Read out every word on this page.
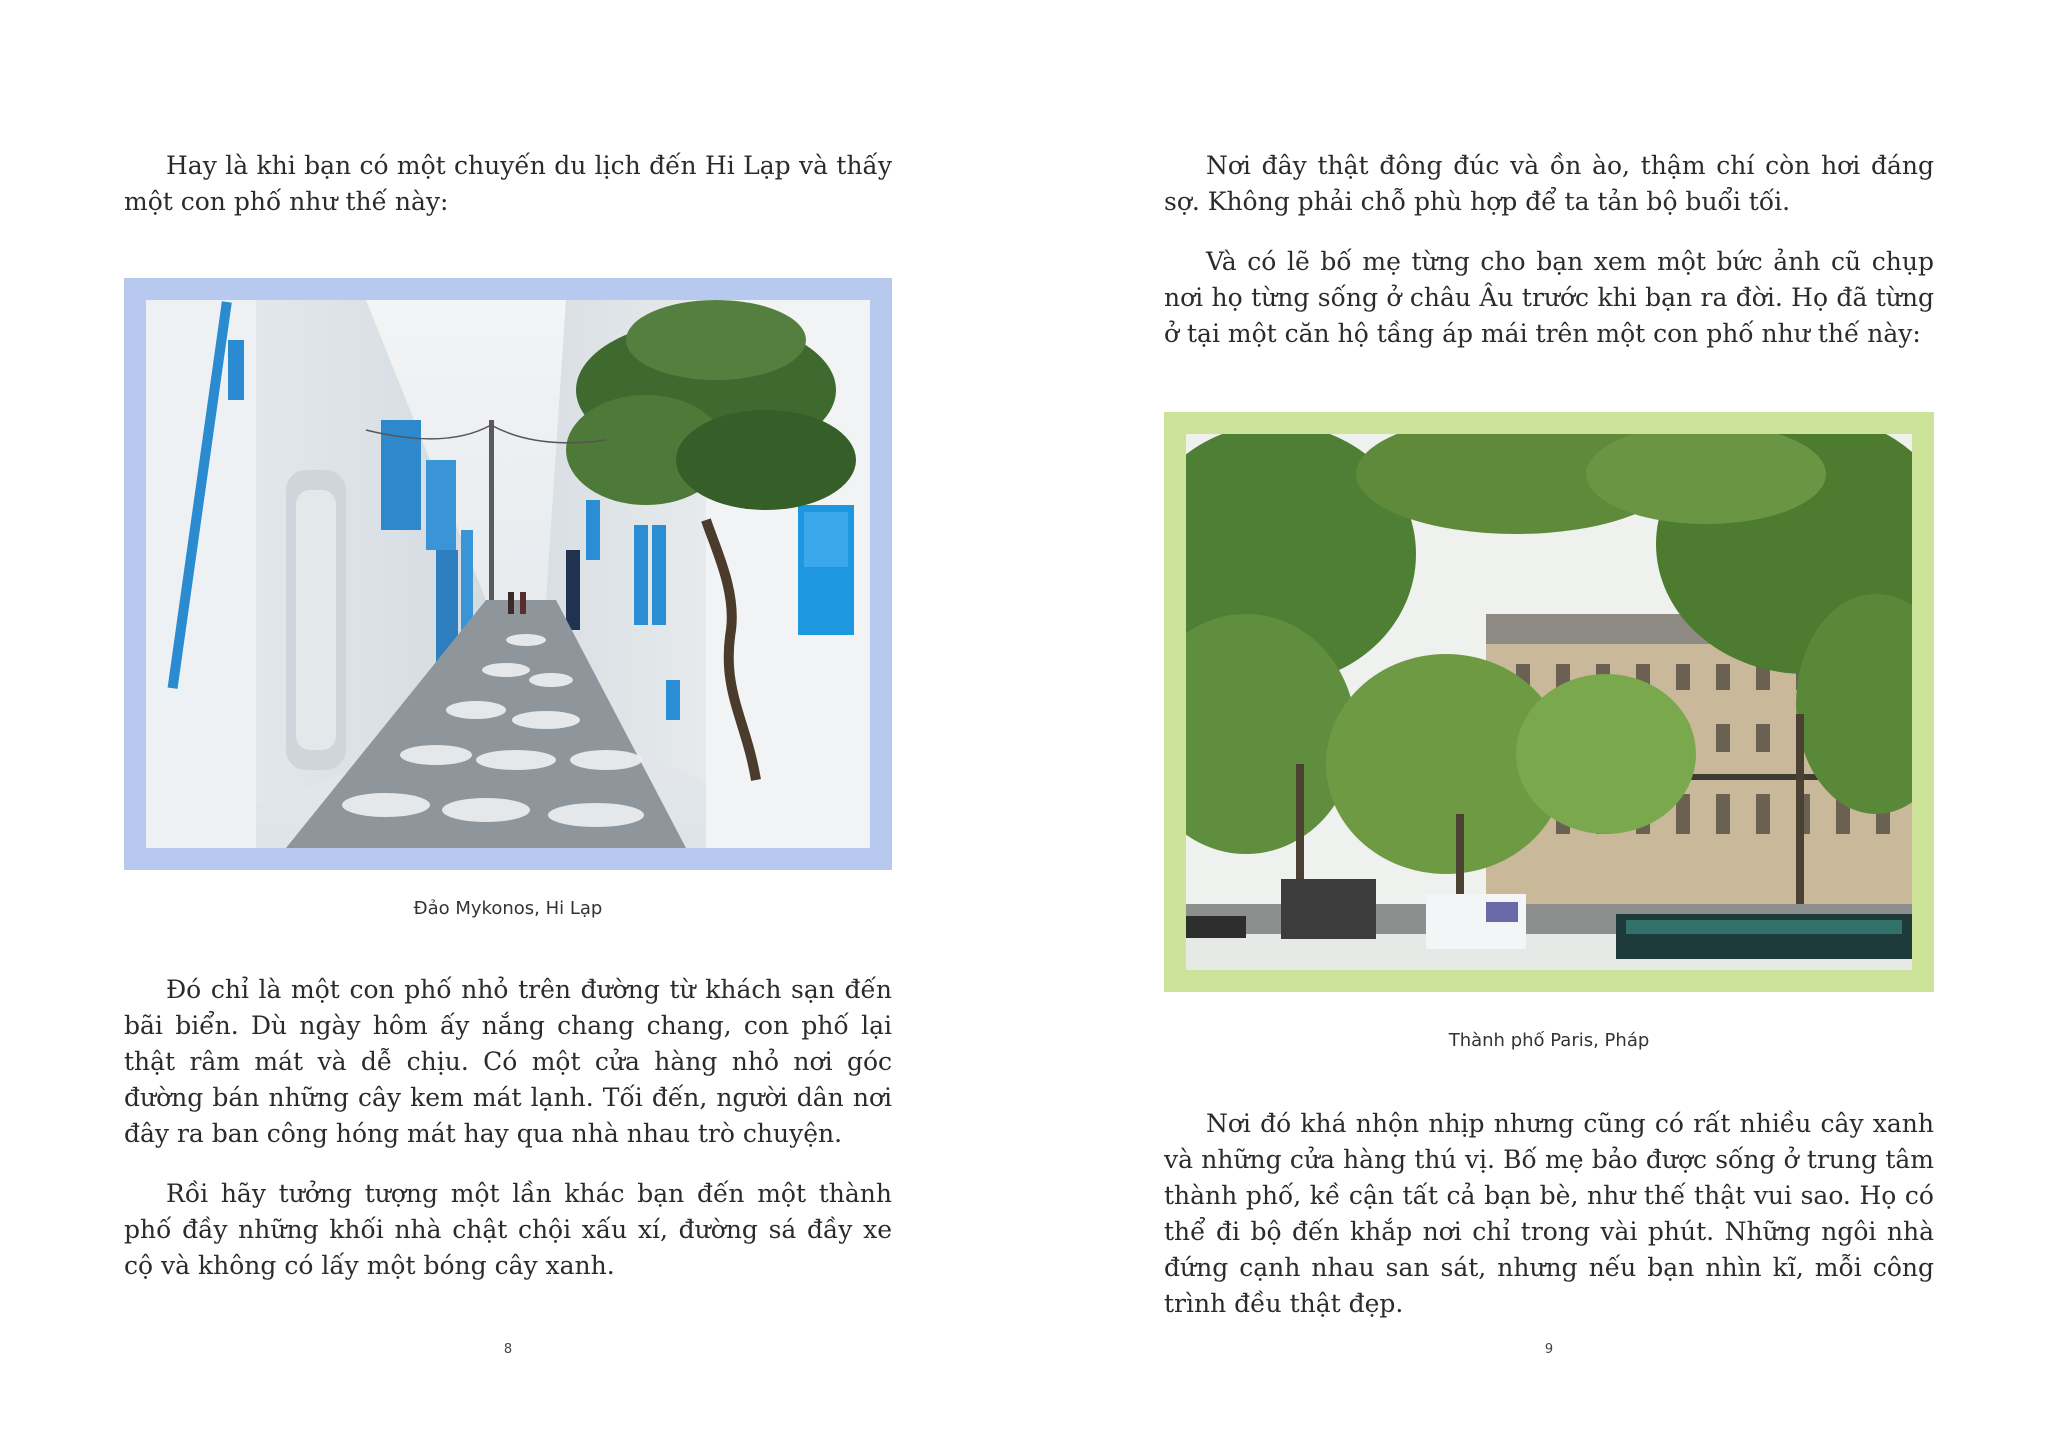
Hay là khi bạn có một chuyến du lịch đến Hi Lạp và thấy một con phố như thế này:

Đảo Mykonos, Hi Lạp

Đó chỉ là một con phố nhỏ trên đường từ khách sạn đến bãi biển. Dù ngày hôm ấy nắng chang chang, con phố lại thật râm mát và dễ chịu. Có một cửa hàng nhỏ nơi góc đường bán những cây kem mát lạnh. Tối đến, người dân nơi đây ra ban công hóng mát hay qua nhà nhau trò chuyện.

Rồi hãy tưởng tượng một lần khác bạn đến một thành phố đầy những khối nhà chật chội xấu xí, đường sá đầy xe cộ và không có lấy một bóng cây xanh.

8

Nơi đây thật đông đúc và ồn ào, thậm chí còn hơi đáng sợ. Không phải chỗ phù hợp để ta tản bộ buổi tối.

Và có lẽ bố mẹ từng cho bạn xem một bức ảnh cũ chụp nơi họ từng sống ở châu Âu trước khi bạn ra đời. Họ đã từng ở tại một căn hộ tầng áp mái trên một con phố như thế này:

Thành phố Paris, Pháp

Nơi đó khá nhộn nhịp nhưng cũng có rất nhiều cây xanh và những cửa hàng thú vị. Bố mẹ bảo được sống ở trung tâm thành phố, kề cận tất cả bạn bè, như thế thật vui sao. Họ có thể đi bộ đến khắp nơi chỉ trong vài phút. Những ngôi nhà đứng cạnh nhau san sát, nhưng nếu bạn nhìn kĩ, mỗi công trình đều thật đẹp.

9
